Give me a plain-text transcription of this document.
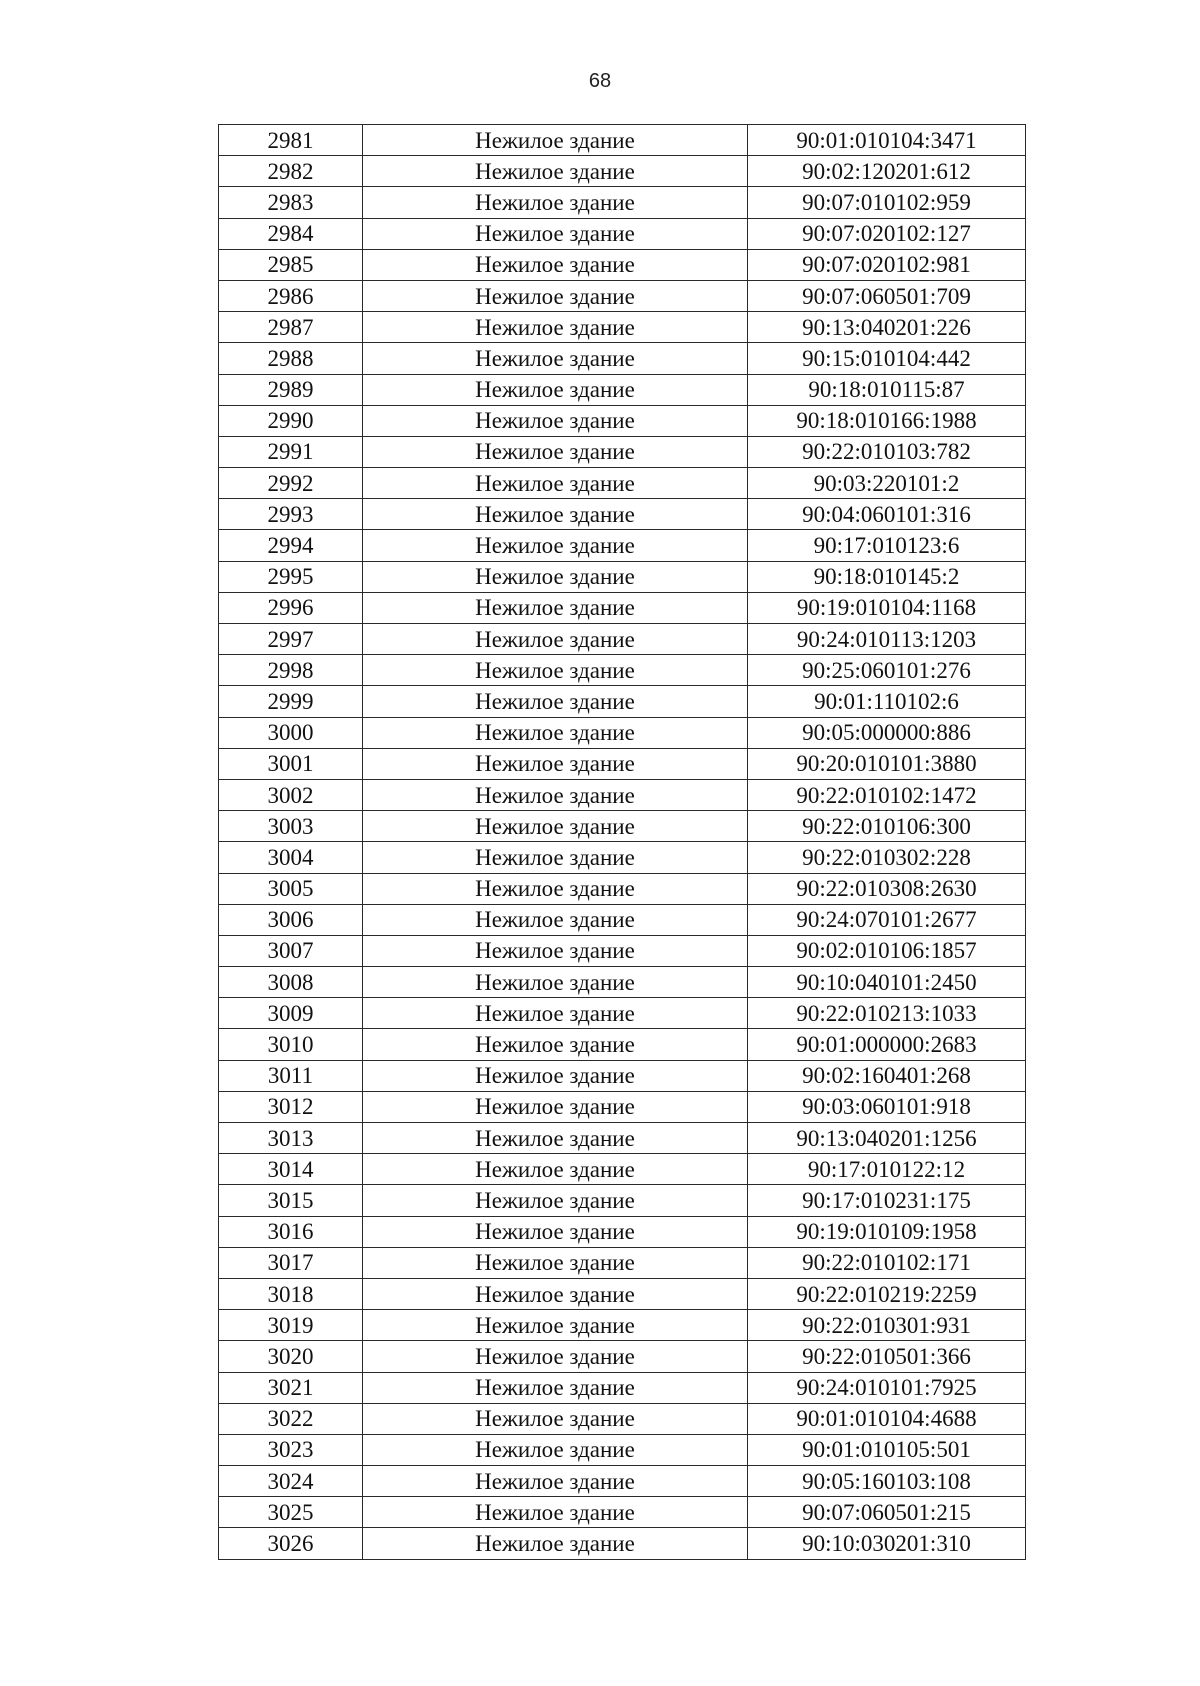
68
2981	Нежилое здание	90:01:010104:3471
2982	Нежилое здание	90:02:120201:612
2983	Нежилое здание	90:07:010102:959
2984	Нежилое здание	90:07:020102:127
2985	Нежилое здание	90:07:020102:981
2986	Нежилое здание	90:07:060501:709
2987	Нежилое здание	90:13:040201:226
2988	Нежилое здание	90:15:010104:442
2989	Нежилое здание	90:18:010115:87
2990	Нежилое здание	90:18:010166:1988
2991	Нежилое здание	90:22:010103:782
2992	Нежилое здание	90:03:220101:2
2993	Нежилое здание	90:04:060101:316
2994	Нежилое здание	90:17:010123:6
2995	Нежилое здание	90:18:010145:2
2996	Нежилое здание	90:19:010104:1168
2997	Нежилое здание	90:24:010113:1203
2998	Нежилое здание	90:25:060101:276
2999	Нежилое здание	90:01:110102:6
3000	Нежилое здание	90:05:000000:886
3001	Нежилое здание	90:20:010101:3880
3002	Нежилое здание	90:22:010102:1472
3003	Нежилое здание	90:22:010106:300
3004	Нежилое здание	90:22:010302:228
3005	Нежилое здание	90:22:010308:2630
3006	Нежилое здание	90:24:070101:2677
3007	Нежилое здание	90:02:010106:1857
3008	Нежилое здание	90:10:040101:2450
3009	Нежилое здание	90:22:010213:1033
3010	Нежилое здание	90:01:000000:2683
3011	Нежилое здание	90:02:160401:268
3012	Нежилое здание	90:03:060101:918
3013	Нежилое здание	90:13:040201:1256
3014	Нежилое здание	90:17:010122:12
3015	Нежилое здание	90:17:010231:175
3016	Нежилое здание	90:19:010109:1958
3017	Нежилое здание	90:22:010102:171
3018	Нежилое здание	90:22:010219:2259
3019	Нежилое здание	90:22:010301:931
3020	Нежилое здание	90:22:010501:366
3021	Нежилое здание	90:24:010101:7925
3022	Нежилое здание	90:01:010104:4688
3023	Нежилое здание	90:01:010105:501
3024	Нежилое здание	90:05:160103:108
3025	Нежилое здание	90:07:060501:215
3026	Нежилое здание	90:10:030201:310
